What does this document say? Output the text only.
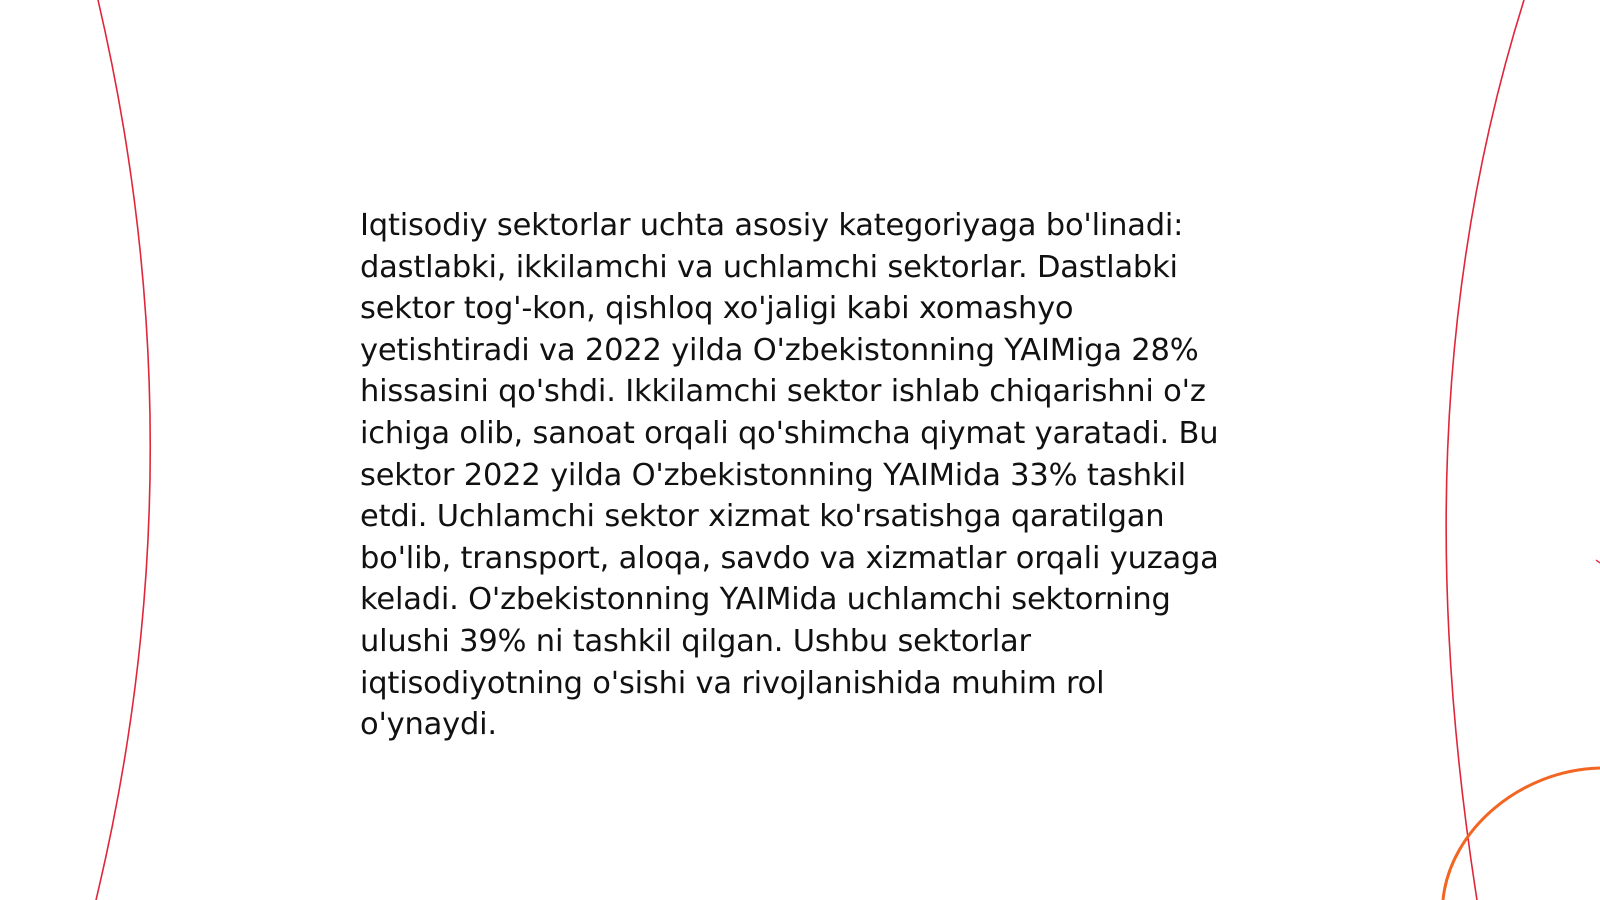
Iqtisodiy sektorlar uchta asosiy kategoriyaga bo'linadi: dastlabki, ikkilamchi va uchlamchi sektorlar. Dastlabki sektor tog'-kon, qishloq xo'jaligi kabi xomashyo yetishtiradi va 2022 yilda O'zbekistonning YAIMiga 28% hissasini qo'shdi. Ikkilamchi sektor ishlab chiqarishni o'z ichiga olib, sanoat orqali qo'shimcha qiymat yaratadi. Bu sektor 2022 yilda O'zbekistonning YAIMida 33% tashkil etdi. Uchlamchi sektor xizmat ko'rsatishga qaratilgan bo'lib, transport, aloqa, savdo va xizmatlar orqali yuzaga keladi. O'zbekistonning YAIMida uchlamchi sektorning ulushi 39% ni tashkil qilgan. Ushbu sektorlar iqtisodiyotning o'sishi va rivojlanishida muhim rol o'ynaydi.
